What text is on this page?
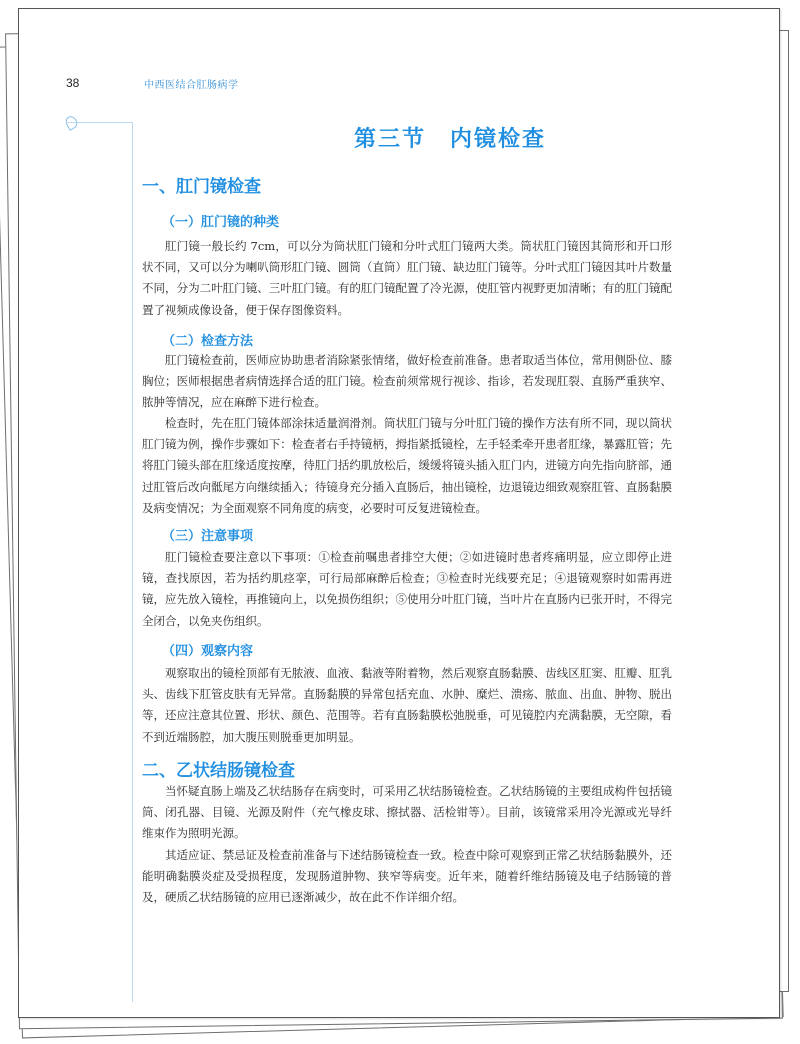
38	中西医结合肛肠病学
第三节　内镜检查
一、肛门镜检查
（一）肛门镜的种类

肛门镜一般长约 7cm，可以分为筒状肛门镜和分叶式肛门镜两大类。筒状肛门镜因其筒形和开口形状不同，又可以分为喇叭筒形肛门镜、圆筒（直筒）肛门镜、缺边肛门镜等。分叶式肛门镜因其叶片数量不同，分为二叶肛门镜、三叶肛门镜。有的肛门镜配置了冷光源，使肛管内视野更加清晰；有的肛门镜配置了视频成像设备，便于保存图像资料。

（二）检查方法

肛门镜检查前，医师应协助患者消除紧张情绪，做好检查前准备。患者取适当体位，常用侧卧位、膝胸位；医师根据患者病情选择合适的肛门镜。检查前须常规行视诊、指诊，若发现肛裂、直肠严重狭窄、脓肿等情况，应在麻醉下进行检查。

检查时，先在肛门镜体部涂抹适量润滑剂。筒状肛门镜与分叶肛门镜的操作方法有所不同，现以筒状肛门镜为例，操作步骤如下：检查者右手持镜柄，拇指紧抵镜栓，左手轻柔牵开患者肛缘，暴露肛管；先将肛门镜头部在肛缘适度按摩，待肛门括约肌放松后，缓缓将镜头插入肛门内，进镜方向先指向脐部，通过肛管后改向骶尾方向继续插入；待镜身充分插入直肠后，抽出镜栓，边退镜边细致观察肛管、直肠黏膜及病变情况；为全面观察不同角度的病变，必要时可反复进镜检查。

（三）注意事项

肛门镜检查要注意以下事项：①检查前嘱患者排空大便；②如进镜时患者疼痛明显，应立即停止进镜，查找原因，若为括约肌痉挛，可行局部麻醉后检查；③检查时光线要充足；④退镜观察时如需再进镜，应先放入镜栓，再推镜向上，以免损伤组织；⑤使用分叶肛门镜，当叶片在直肠内已张开时，不得完全闭合，以免夹伤组织。

（四）观察内容

观察取出的镜栓顶部有无脓液、血液、黏液等附着物，然后观察直肠黏膜、齿线区肛窦、肛瓣、肛乳头、齿线下肛管皮肤有无异常。直肠黏膜的异常包括充血、水肿、糜烂、溃疡、脓血、出血、肿物、脱出等，还应注意其位置、形状、颜色、范围等。若有直肠黏膜松弛脱垂，可见镜腔内充满黏膜，无空隙，看不到近端肠腔，加大腹压则脱垂更加明显。

二、乙状结肠镜检查

当怀疑直肠上端及乙状结肠存在病变时，可采用乙状结肠镜检查。乙状结肠镜的主要组成构件包括镜筒、闭孔器、目镜、光源及附件（充气橡皮球、擦拭器、活检钳等）。目前，该镜常采用冷光源或光导纤维束作为照明光源。

其适应证、禁忌证及检查前准备与下述结肠镜检查一致。检查中除可观察到正常乙状结肠黏膜外，还能明确黏膜炎症及受损程度，发现肠道肿物、狭窄等病变。近年来，随着纤维结肠镜及电子结肠镜的普及，硬质乙状结肠镜的应用已逐渐减少，故在此不作详细介绍。
